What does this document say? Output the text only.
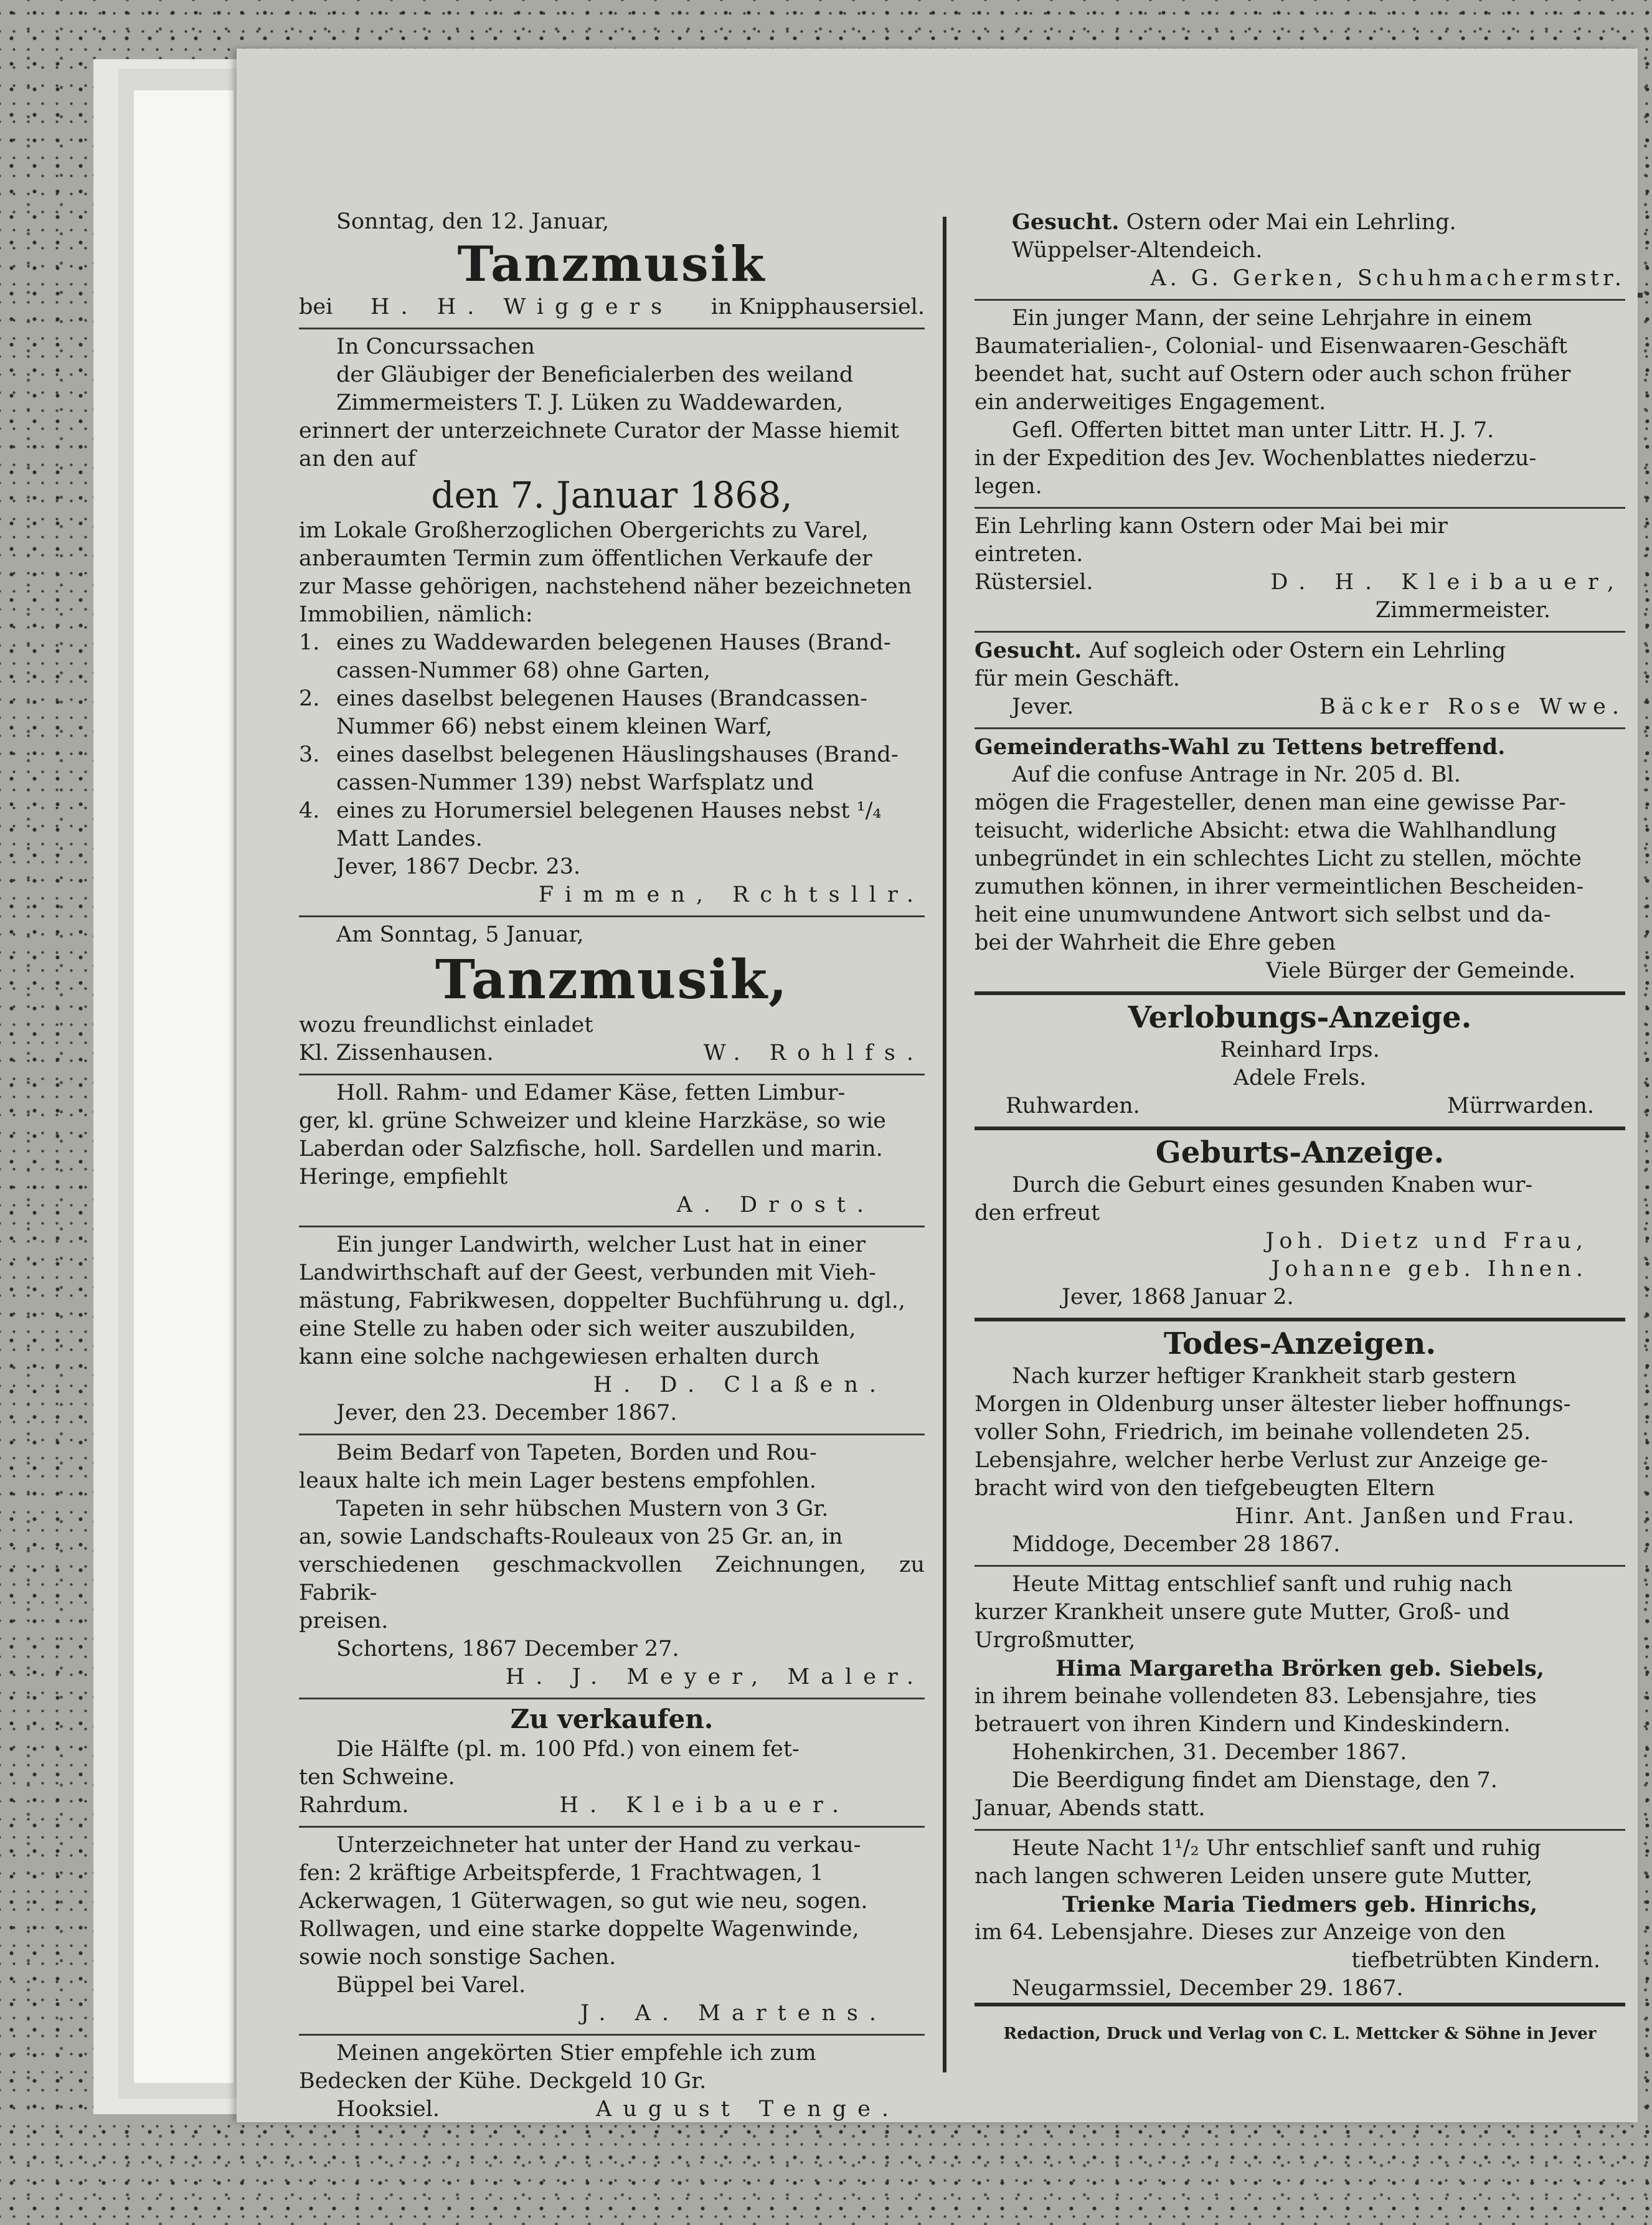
Sonntag, den 12. Januar,

Tanzmusik

bei H. H. Wiggers in Knipphausersiel.

In Concurssachen

der Gläubiger der Beneficialerben des weiland

Zimmermeisters T. J. Lüken zu Waddewarden,

erinnert der unterzeichnete Curator der Masse hiemit

an den auf

den 7. Januar 1868,

im Lokale Großherzoglichen Obergerichts zu Varel,

anberaumten Termin zum öffentlichen Verkaufe der

zur Masse gehörigen, nachstehend näher bezeichneten

Immobilien, nämlich:

1. eines zu Waddewarden belegenen Hauses (Brand-
cassen-Nummer 68) ohne Garten,
2. eines daselbst belegenen Hauses (Brandcassen-
Nummer 66) nebst einem kleinen Warf,
3. eines daselbst belegenen Häuslingshauses (Brand-
cassen-Nummer 139) nebst Warfsplatz und
4. eines zu Horumersiel belegenen Hauses nebst ¹/₄
Matt Landes.

Jever, 1867 Decbr. 23.

Fimmen, Rchtsllr.

Am Sonntag, 5 Januar,

Tanzmusik,

wozu freundlichst einladet

Kl. Zissenhausen.	W. Rohlfs.

Holl. Rahm- und Edamer Käse, fetten Limbur-

ger, kl. grüne Schweizer und kleine Harzkäse, so wie

Laberdan oder Salzfische, holl. Sardellen und marin.

Heringe, empfiehlt

A. Drost.

Ein junger Landwirth, welcher Lust hat in einer

Landwirthschaft auf der Geest, verbunden mit Vieh-

mästung, Fabrikwesen, doppelter Buchführung u. dgl.,

eine Stelle zu haben oder sich weiter auszubilden,

kann eine solche nachgewiesen erhalten durch

H. D. Claßen.

Jever, den 23. December 1867.

Beim Bedarf von Tapeten, Borden und Rou-

leaux halte ich mein Lager bestens empfohlen.

Tapeten in sehr hübschen Mustern von 3 Gr.

an, sowie Landschafts-Rouleaux von 25 Gr. an, in

verschiedenen geschmackvollen Zeichnungen, zu Fabrik-

preisen.

Schortens, 1867 December 27.

H. J. Meyer, Maler.

Zu verkaufen.

Die Hälfte (pl. m. 100 Pfd.) von einem fet-

ten Schweine.

Rahrdum.	H. Kleibauer.

Unterzeichneter hat unter der Hand zu verkau-

fen: 2 kräftige Arbeitspferde, 1 Frachtwagen, 1

Ackerwagen, 1 Güterwagen, so gut wie neu, sogen.

Rollwagen, und eine starke doppelte Wagenwinde,

sowie noch sonstige Sachen.

Büppel bei Varel.

J. A. Martens.

Meinen angekörten Stier empfehle ich zum

Bedecken der Kühe. Deckgeld 10 Gr.

Hooksiel.	August Tenge.

Gesucht. Ostern oder Mai ein Lehrling.

Wüppelser-Altendeich.

A. G. Gerken, Schuhmachermstr.

Ein junger Mann, der seine Lehrjahre in einem

Baumaterialien-, Colonial- und Eisenwaaren-Geschäft

beendet hat, sucht auf Ostern oder auch schon früher

ein anderweitiges Engagement.

Gefl. Offerten bittet man unter Littr. H. J. 7.

in der Expedition des Jev. Wochenblattes niederzu-

legen.

Ein Lehrling kann Ostern oder Mai bei mir

eintreten.

Rüstersiel.	D. H. Kleibauer,

Zimmermeister.

Gesucht. Auf sogleich oder Ostern ein Lehrling

für mein Geschäft.

Jever.	Bäcker Rose Wwe.

Gemeinderaths-Wahl zu Tettens betreffend.

Auf die confuse Antrage in Nr. 205 d. Bl.

mögen die Fragesteller, denen man eine gewisse Par-

teisucht, widerliche Absicht: etwa die Wahlhandlung

unbegründet in ein schlechtes Licht zu stellen, möchte

zumuthen können, in ihrer vermeintlichen Bescheiden-

heit eine unumwundene Antwort sich selbst und da-

bei der Wahrheit die Ehre geben

Viele Bürger der Gemeinde.

Verlobungs-Anzeige.

Reinhard Irps.

Adele Frels.

Ruhwarden.	Mürrwarden.

Geburts-Anzeige.

Durch die Geburt eines gesunden Knaben wur-

den erfreut

Joh. Dietz und Frau,

Johanne geb. Ihnen.

Jever, 1868 Januar 2.

Todes-Anzeigen.

Nach kurzer heftiger Krankheit starb gestern

Morgen in Oldenburg unser ältester lieber hoffnungs-

voller Sohn, Friedrich, im beinahe vollendeten 25.

Lebensjahre, welcher herbe Verlust zur Anzeige ge-

bracht wird von den tiefgebeugten Eltern

Hinr. Ant. Janßen und Frau.

Middoge, December 28 1867.

Heute Mittag entschlief sanft und ruhig nach

kurzer Krankheit unsere gute Mutter, Groß- und

Urgroßmutter,

Hima Margaretha Brörken geb. Siebels,

in ihrem beinahe vollendeten 83. Lebensjahre, ties

betrauert von ihren Kindern und Kindeskindern.

Hohenkirchen, 31. December 1867.

Die Beerdigung findet am Dienstage, den 7.

Januar, Abends statt.

Heute Nacht 1¹/₂ Uhr entschlief sanft und ruhig

nach langen schweren Leiden unsere gute Mutter,

Trienke Maria Tiedmers geb. Hinrichs,

im 64. Lebensjahre. Dieses zur Anzeige von den

tiefbetrübten Kindern.

Neugarmssiel, December 29. 1867.

Redaction, Druck und Verlag von C. L. Mettcker & Söhne in Jever
